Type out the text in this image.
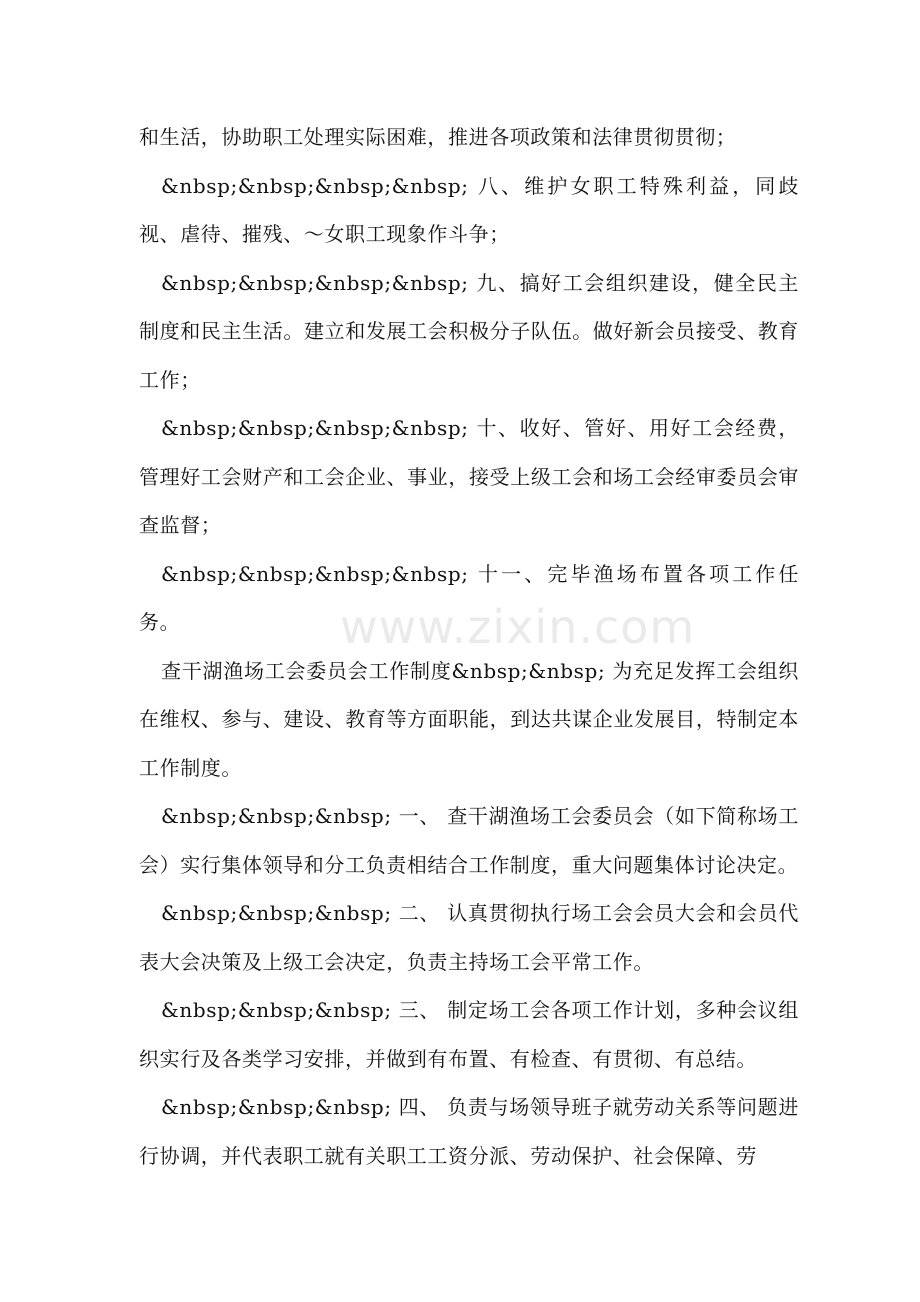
和生活，协助职工处理实际困难，推进各项政策和法律贯彻贯彻；

&nbsp;&nbsp;&nbsp;&nbsp; 八、维护女职工特殊利益，同歧视、虐待、摧残、～女职工现象作斗争；

&nbsp;&nbsp;&nbsp;&nbsp; 九、搞好工会组织建设，健全民主制度和民主生活。建立和发展工会积极分子队伍。做好新会员接受、教育工作；

&nbsp;&nbsp;&nbsp;&nbsp; 十、收好、管好、用好工会经费，管理好工会财产和工会企业、事业，接受上级工会和场工会经审委员会审查监督；

&nbsp;&nbsp;&nbsp;&nbsp; 十一、完毕渔场布置各项工作任务。

查干湖渔场工会委员会工作制度&nbsp;&nbsp; 为充足发挥工会组织在维权、参与、建设、教育等方面职能，到达共谋企业发展目，特制定本工作制度。

&nbsp;&nbsp;&nbsp; 一、 查干湖渔场工会委员会（如下简称场工会）实行集体领导和分工负责相结合工作制度，重大问题集体讨论决定。

&nbsp;&nbsp;&nbsp; 二、 认真贯彻执行场工会会员大会和会员代表大会决策及上级工会决定，负责主持场工会平常工作。

&nbsp;&nbsp;&nbsp; 三、 制定场工会各项工作计划，多种会议组织实行及各类学习安排，并做到有布置、有检查、有贯彻、有总结。

&nbsp;&nbsp;&nbsp; 四、 负责与场领导班子就劳动关系等问题进行协调，并代表职工就有关职工工资分派、劳动保护、社会保障、劳

www.zixin.com
